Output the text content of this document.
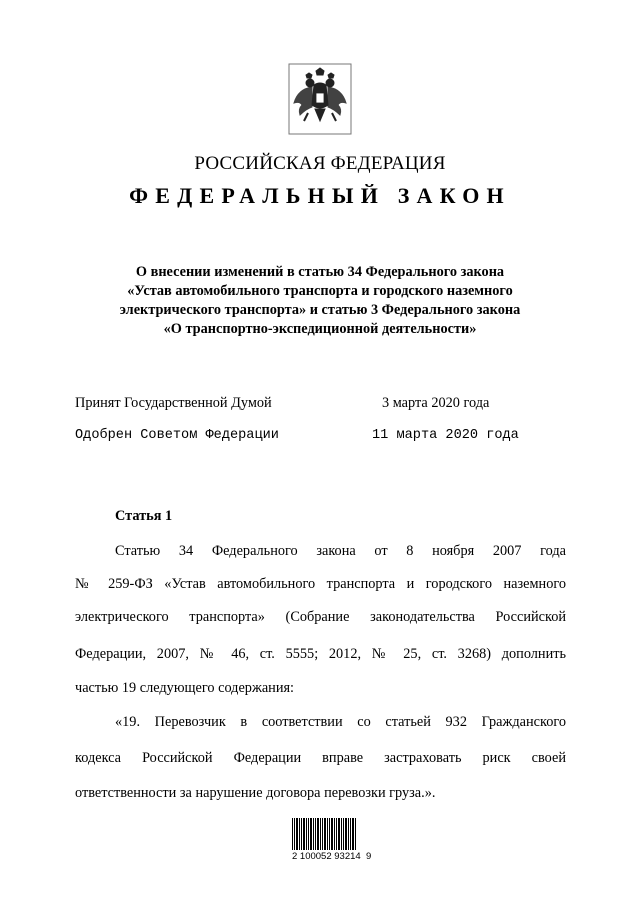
РОССИЙСКАЯ ФЕДЕРАЦИЯ
ФЕДЕРАЛЬНЫЙ ЗАКОН
О внесении изменений в статью 34 Федерального закона
«Устав автомобильного транспорта и городского наземного
электрического транспорта» и статью 3 Федерального закона
«О транспортно-экспедиционной деятельности»
Принят Государственной Думой	3 марта 2020 года
Одобрен Советом Федерации	11 марта 2020 года
Статья 1
Статью 34 Федерального закона от 8 ноября 2007 года
№ 259-ФЗ «Устав автомобильного транспорта и городского наземного
электрического транспорта» (Собрание законодательства Российской
Федерации, 2007, № 46, ст. 5555; 2012, № 25, ст. 3268) дополнить
частью 19 следующего содержания:
«19. Перевозчик в соответствии со статьей 932 Гражданского
кодекса Российской Федерации вправе застраховать риск своей
ответственности за нарушение договора перевозки груза.».
2 100052 93214  9
